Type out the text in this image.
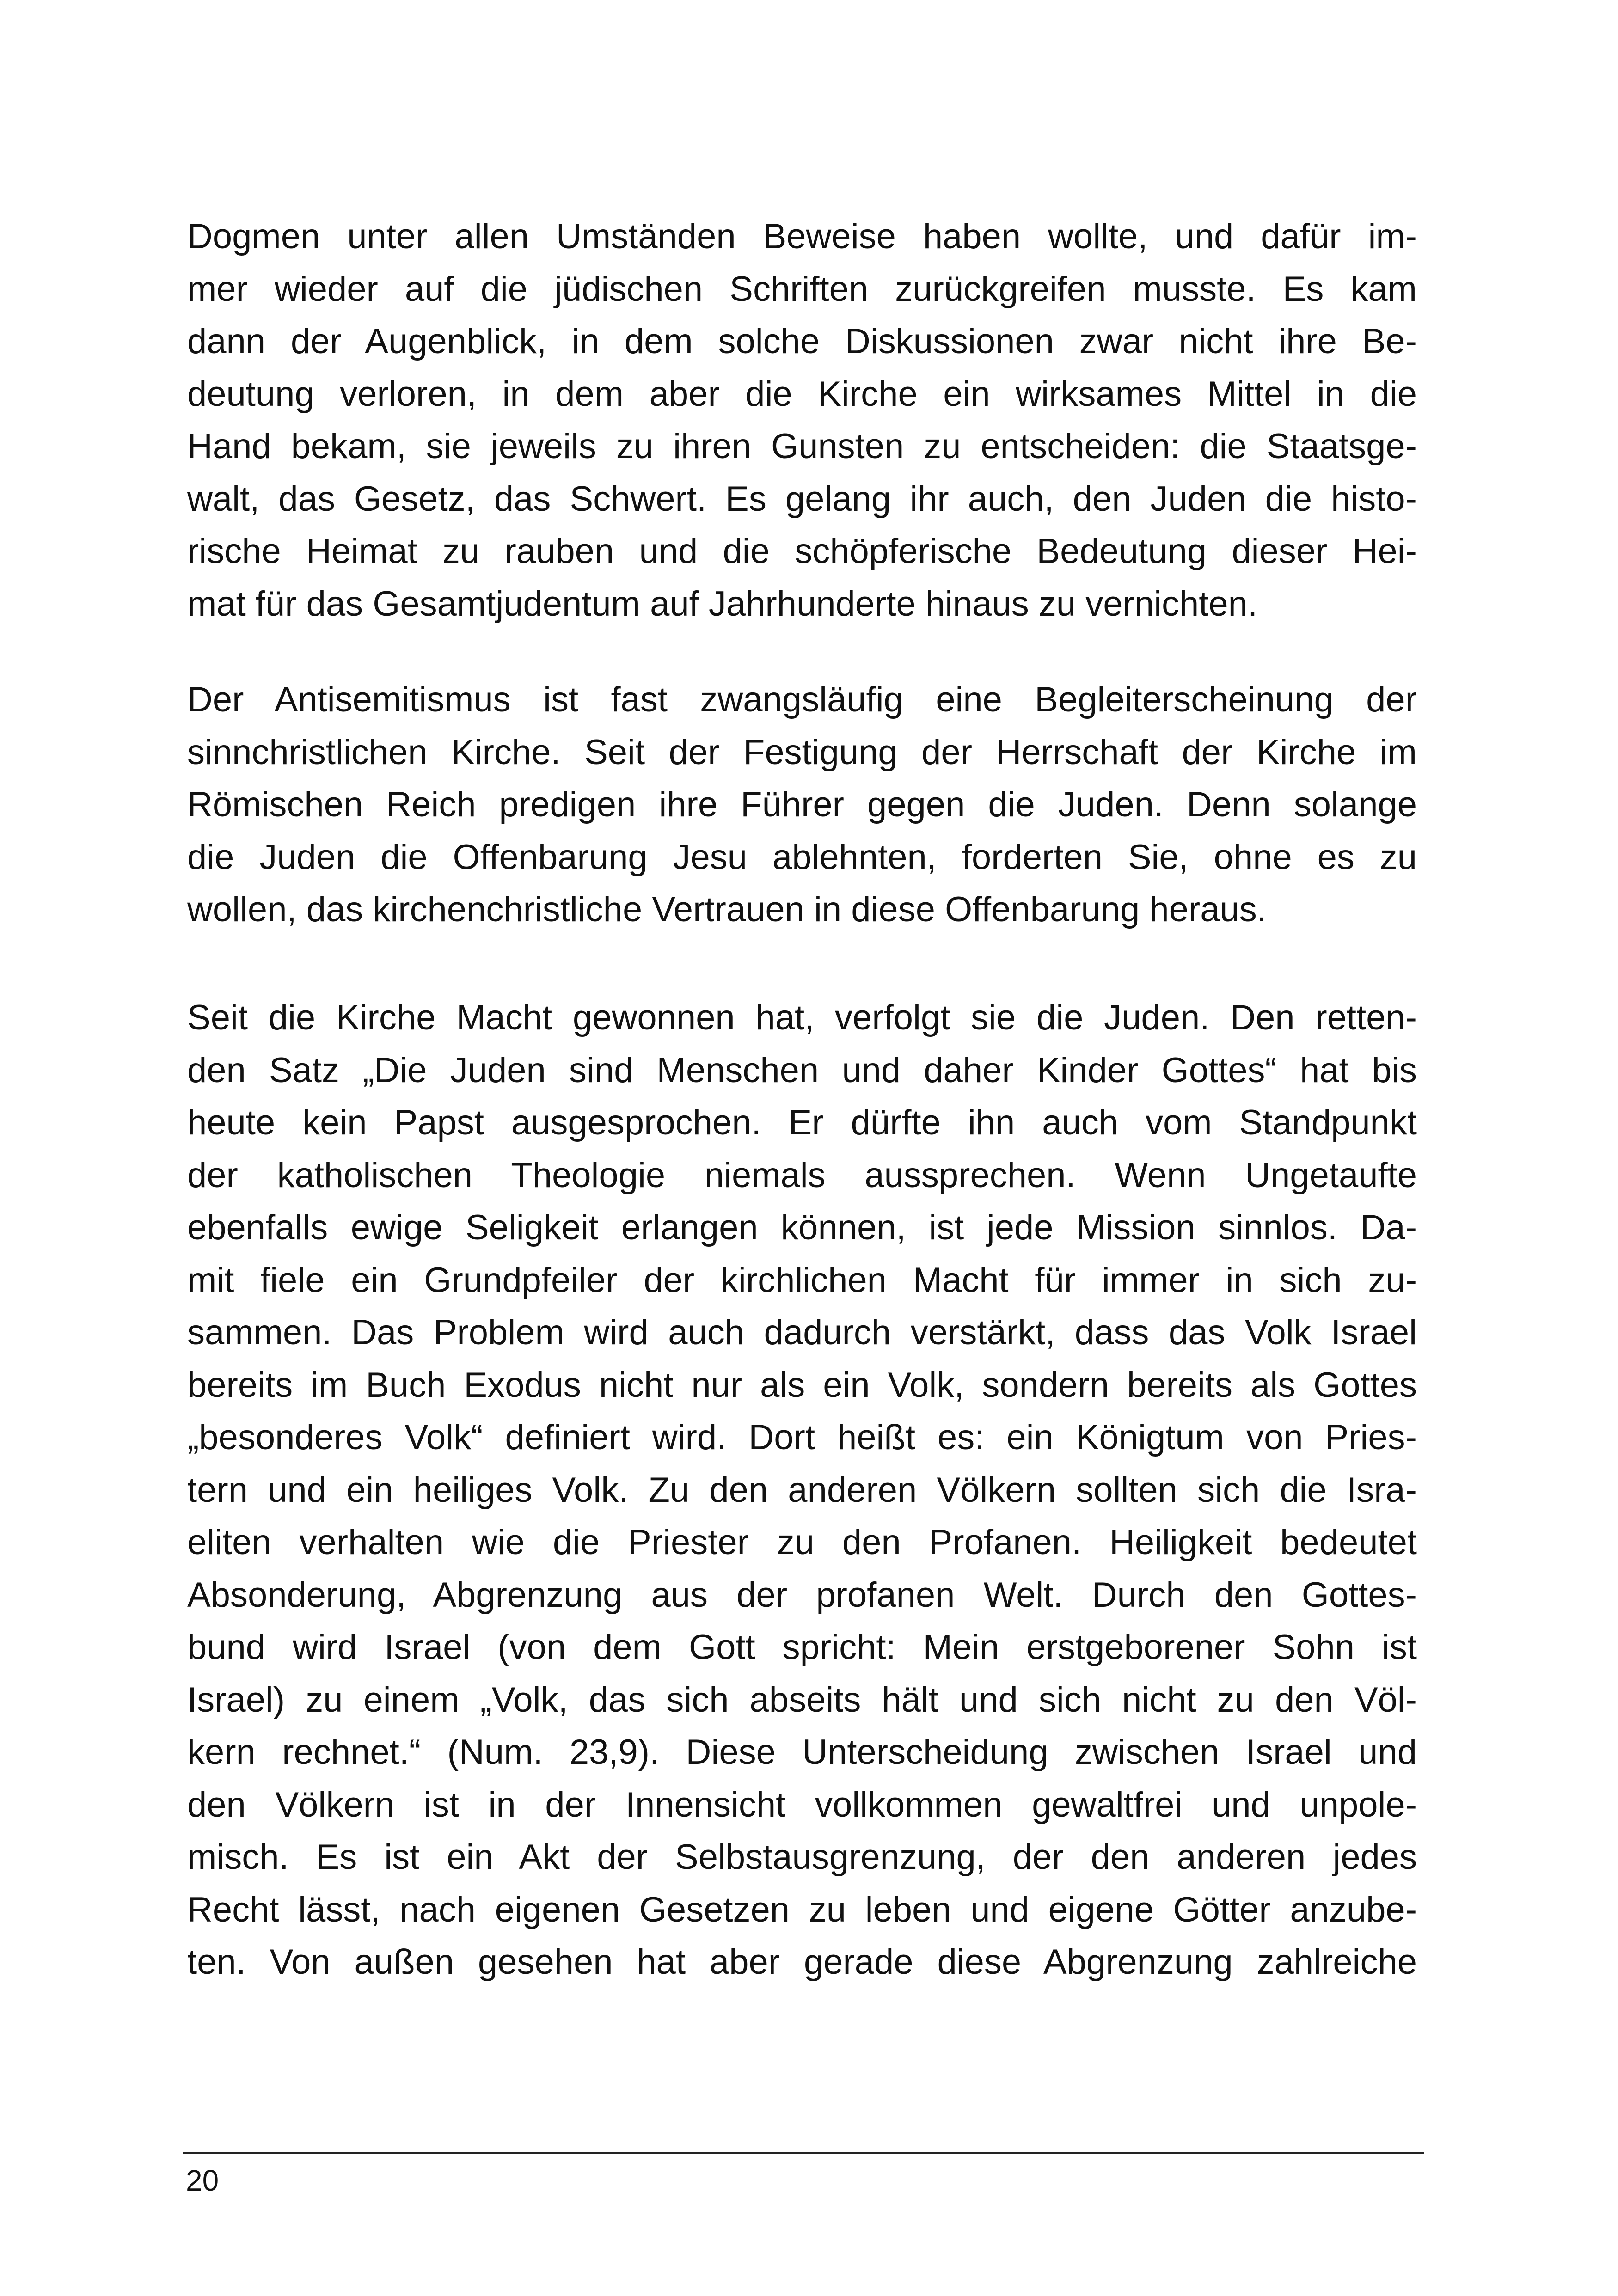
Dogmen unter allen Umständen Beweise haben wollte, und dafür im-
mer wieder auf die jüdischen Schriften zurückgreifen musste. Es kam
dann der Augenblick, in dem solche Diskussionen zwar nicht ihre Be-
deutung verloren, in dem aber die Kirche ein wirksames Mittel in die
Hand bekam, sie jeweils zu ihren Gunsten zu entscheiden: die Staatsge-
walt, das Gesetz, das Schwert. Es gelang ihr auch, den Juden die histo-
rische Heimat zu rauben und die schöpferische Bedeutung dieser Hei-
mat für das Gesamtjudentum auf Jahrhunderte hinaus zu vernichten.
Der Antisemitismus ist fast zwangsläufig eine Begleiterscheinung der
sinnchristlichen Kirche. Seit der Festigung der Herrschaft der Kirche im
Römischen Reich predigen ihre Führer gegen die Juden. Denn solange
die Juden die Offenbarung Jesu ablehnten, forderten Sie, ohne es zu
wollen, das kirchenchristliche Vertrauen in diese Offenbarung heraus.
Seit die Kirche Macht gewonnen hat, verfolgt sie die Juden. Den retten-
den Satz „Die Juden sind Menschen und daher Kinder Gottes“ hat bis
heute kein Papst ausgesprochen. Er dürfte ihn auch vom Standpunkt
der katholischen Theologie niemals aussprechen. Wenn Ungetaufte
ebenfalls ewige Seligkeit erlangen können, ist jede Mission sinnlos. Da-
mit fiele ein Grundpfeiler der kirchlichen Macht für immer in sich zu-
sammen. Das Problem wird auch dadurch verstärkt, dass das Volk Israel
bereits im Buch Exodus nicht nur als ein Volk, sondern bereits als Gottes
„besonderes Volk“ definiert wird. Dort heißt es: ein Königtum von Pries-
tern und ein heiliges Volk. Zu den anderen Völkern sollten sich die Isra-
eliten verhalten wie die Priester zu den Profanen. Heiligkeit bedeutet
Absonderung, Abgrenzung aus der profanen Welt. Durch den Gottes-
bund wird Israel (von dem Gott spricht: Mein erstgeborener Sohn ist
Israel) zu einem „Volk, das sich abseits hält und sich nicht zu den Völ-
kern rechnet.“ (Num. 23,9). Diese Unterscheidung zwischen Israel und
den Völkern ist in der Innensicht vollkommen gewaltfrei und unpole-
misch. Es ist ein Akt der Selbstausgrenzung, der den anderen jedes
Recht lässt, nach eigenen Gesetzen zu leben und eigene Götter anzube-
ten. Von außen gesehen hat aber gerade diese Abgrenzung zahlreiche
20
